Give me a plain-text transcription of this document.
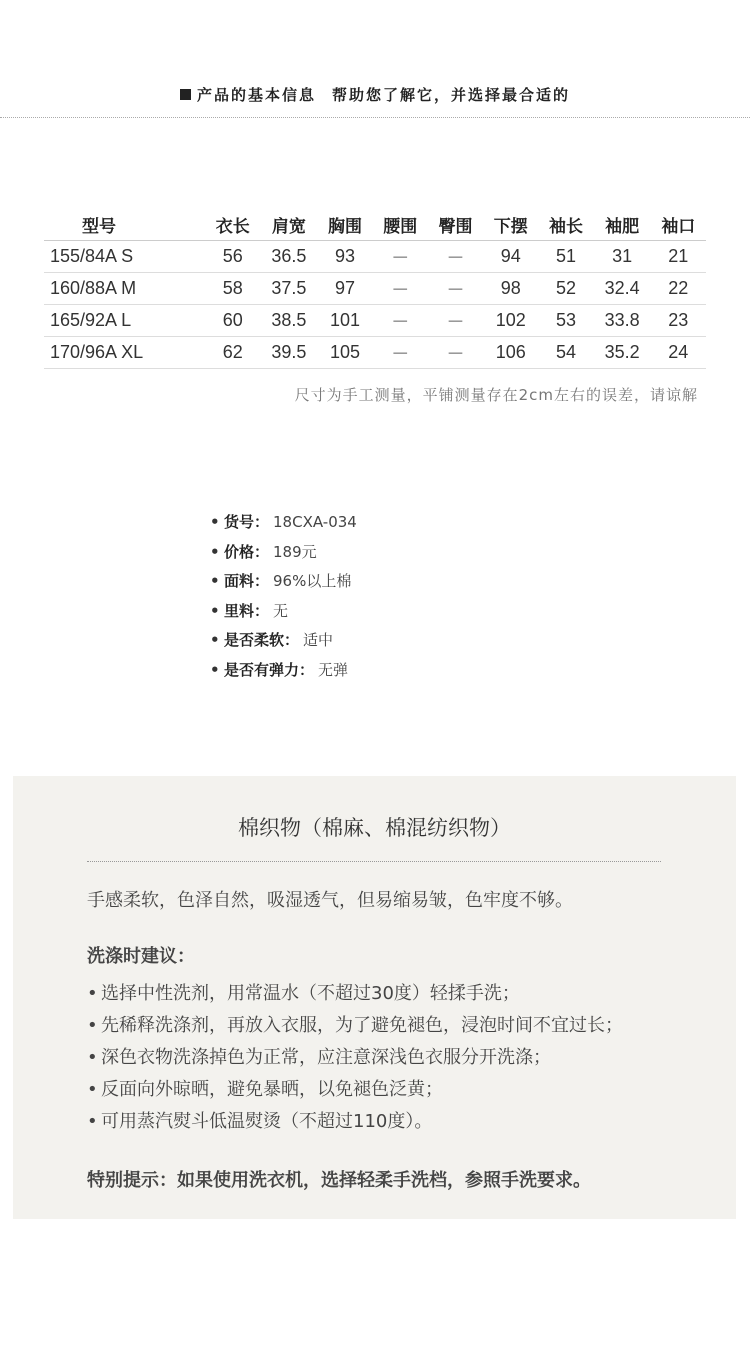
产品的基本信息 帮助您了解它，并选择最合适的
型号	衣长	肩宽	胸围	腰围	臀围	下摆	袖长	袖肥	袖口
155/84A S	56	36.5	93	－	－	94	51	31	21
160/88A M	58	37.5	97	－	－	98	52	32.4	22
165/92A L	60	38.5	101	－	－	102	53	33.8	23
170/96A XL	62	39.5	105	－	－	106	54	35.2	24
尺寸为手工测量，平铺测量存在2cm左右的误差，请谅解
• 货号： 18CXA-034
• 价格： 189元
• 面料： 96%以上棉
• 里料： 无
• 是否柔软： 适中
• 是否有弹力： 无弹
棉织物（棉麻、棉混纺织物）
手感柔软，色泽自然，吸湿透气，但易缩易皱，色牢度不够。
洗涤时建议：
• 选择中性洗剂，用常温水（不超过30度）轻揉手洗；
• 先稀释洗涤剂，再放入衣服，为了避免褪色，浸泡时间不宜过长；
• 深色衣物洗涤掉色为正常，应注意深浅色衣服分开洗涤；
• 反面向外晾晒，避免暴晒，以免褪色泛黄；
• 可用蒸汽熨斗低温熨烫（不超过110度）。
特别提示：如果使用洗衣机，选择轻柔手洗档，参照手洗要求。
